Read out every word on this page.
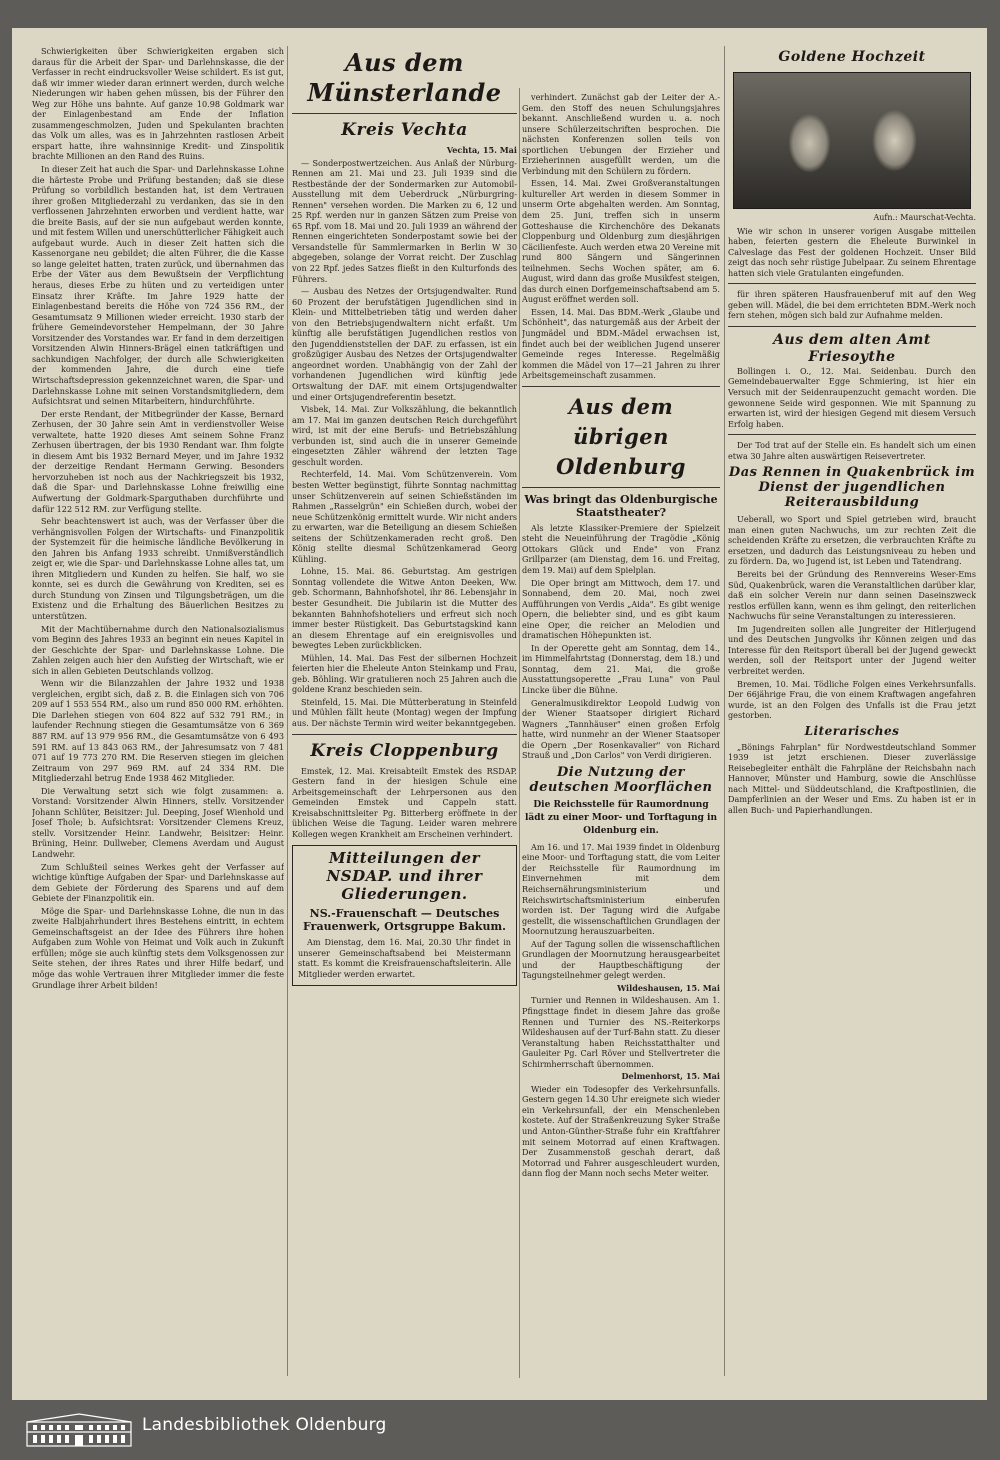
Schwierigkeiten über Schwierigkeiten ergaben sich daraus für die Arbeit der Spar- und Darlehnskasse, die der Verfasser in recht eindrucksvoller Weise schildert. Es ist gut, daß wir immer wieder daran erinnert werden, durch welche Niederungen wir haben gehen müssen, bis der Führer den Weg zur Höhe uns bahnte. Auf ganze 10.98 Goldmark war der Einlagenbestand am Ende der Inflation zusammengeschmolzen, Juden und Spekulanten brachten das Volk um alles, was es in Jahrzehnten rastlosen Arbeit erspart hatte, ihre wahnsinnige Kredit- und Zinspolitik brachte Millionen an den Rand des Ruins.

In dieser Zeit hat auch die Spar- und Darlehnskasse Lohne die härteste Probe und Prüfung bestanden; daß sie diese Prüfung so vorbildlich bestanden hat, ist dem Vertrauen ihrer großen Mitgliederzahl zu verdanken, das sie in den verflossenen Jahrzehnten erworben und verdient hatte, war die breite Basis, auf der sie nun aufgebaut werden konnte, und mit festem Willen und unerschütterlicher Fähigkeit auch aufgebaut wurde. Auch in dieser Zeit hatten sich die Kassenorgane neu gebildet; die alten Führer, die die Kasse so lange geleitet hatten, traten zurück, und übernahmen das Erbe der Väter aus dem Bewußtsein der Verpflichtung heraus, dieses Erbe zu hüten und zu verteidigen unter Einsatz ihrer Kräfte. Im Jahre 1929 hatte der Einlagenbestand bereits die Höhe von 724 356 RM., der Gesamtumsatz 9 Millionen wieder erreicht. 1930 starb der frühere Gemeindevorsteher Hempelmann, der 30 Jahre Vorsitzender des Vorstandes war. Er fand in dem derzeitigen Vorsitzenden Alwin Hinners-Brägel einen tatkräftigen und sachkundigen Nachfolger, der durch alle Schwierigkeiten der kommenden Jahre, die durch eine tiefe Wirtschaftsdepression gekennzeichnet waren, die Spar- und Darlehnskasse Lohne mit seinen Vorstandsmitgliedern, dem Aufsichtsrat und seinen Mitarbeitern, hindurchführte.

Der erste Rendant, der Mitbegründer der Kasse, Bernard Zerhusen, der 30 Jahre sein Amt in verdienstvoller Weise verwaltete, hatte 1920 dieses Amt seinem Sohne Franz Zerhusen übertragen, der bis 1930 Rendant war. Ihm folgte in diesem Amt bis 1932 Bernard Meyer, und im Jahre 1932 der derzeitige Rendant Hermann Gerwing. Besonders hervorzuheben ist noch aus der Nachkriegszeit bis 1932, daß die Spar- und Darlehnskasse Lohne freiwillig eine Aufwertung der Goldmark-Sparguthaben durchführte und dafür 122 512 RM. zur Verfügung stellte.

Sehr beachtenswert ist auch, was der Verfasser über die verhängnisvollen Folgen der Wirtschafts- und Finanzpolitik der Systemzeit für die heimische ländliche Bevölkerung in den Jahren bis Anfang 1933 schreibt. Unmißverständlich zeigt er, wie die Spar- und Darlehnskasse Lohne alles tat, um ihren Mitgliedern und Kunden zu helfen. Sie half, wo sie konnte, sei es durch die Gewährung von Krediten, sei es durch Stundung von Zinsen und Tilgungsbeträgen, um die Existenz und die Erhaltung des Bäuerlichen Besitzes zu unterstützen.

Mit der Machtübernahme durch den Nationalsozialismus vom Beginn des Jahres 1933 an beginnt ein neues Kapitel in der Geschichte der Spar- und Darlehnskasse Lohne. Die Zahlen zeigen auch hier den Aufstieg der Wirtschaft, wie er sich in allen Gebieten Deutschlands vollzog.

Wenn wir die Bilanzzahlen der Jahre 1932 und 1938 vergleichen, ergibt sich, daß z. B. die Einlagen sich von 706 209 auf 1 553 554 RM., also um rund 850 000 RM. erhöhten. Die Darlehen stiegen von 604 822 auf 532 791 RM.; in laufender Rechnung stiegen die Gesamtumsätze von 6 369 887 RM. auf 13 979 956 RM., die Gesamtumsätze von 6 493 591 RM. auf 13 843 063 RM., der Jahresumsatz von 7 481 071 auf 19 773 270 RM. Die Reserven stiegen im gleichen Zeitraum von 297 969 RM. auf 24 334 RM. Die Mitgliederzahl betrug Ende 1938 462 Mitglieder.

Die Verwaltung setzt sich wie folgt zusammen: a. Vorstand: Vorsitzender Alwin Hinners, stellv. Vorsitzender Johann Schlüter, Beisitzer: Jul. Deeping, Josef Wienhold und Josef Thole; b. Aufsichtsrat: Vorsitzender Clemens Kreuz, stellv. Vorsitzender Heinr. Landwehr, Beisitzer: Heinr. Brüning, Heinr. Dullweber, Clemens Averdam und August Landwehr.

Zum Schlußteil seines Werkes geht der Verfasser auf wichtige künftige Aufgaben der Spar- und Darlehnskasse auf dem Gebiete der Förderung des Sparens und auf dem Gebiete der Finanzpolitik ein.

Möge die Spar- und Darlehnskasse Lohne, die nun in das zweite Halbjahrhundert ihres Bestehens eintritt, in echtem Gemeinschaftsgeist an der Idee des Führers ihre hohen Aufgaben zum Wohle von Heimat und Volk auch in Zukunft erfüllen; möge sie auch künftig stets dem Volksgenossen zur Seite stehen, der ihres Rates und ihrer Hilfe bedarf, und möge das wohle Vertrauen ihrer Mitglieder immer die feste Grundlage ihrer Arbeit bilden!

Aus dem Münsterlande
Kreis Vechta
Vechta, 15. Mai

— Sonderpostwertzeichen. Aus Anlaß der Nürburg-Rennen am 21. Mai und 23. Juli 1939 sind die Restbestände der der Sondermarken zur Automobil-Ausstellung mit dem Ueberdruck „Nürburgring-Rennen" versehen worden. Die Marken zu 6, 12 und 25 Rpf. werden nur in ganzen Sätzen zum Preise von 65 Rpf. vom 18. Mai und 20. Juli 1939 an während der Rennen eingerichteten Sonderpostamt sowie bei der Versandstelle für Sammlermarken in Berlin W 30 abgegeben, solange der Vorrat reicht. Der Zuschlag von 22 Rpf. jedes Satzes fließt in den Kulturfonds des Führers.

— Ausbau des Netzes der Ortsjugendwalter. Rund 60 Prozent der berufstätigen Jugendlichen sind in Klein- und Mittelbetrieben tätig und werden daher von den Betriebsjugendwaltern nicht erfaßt. Um künftig alle berufstätigen Jugendlichen restlos von den Jugenddienststellen der DAF. zu erfassen, ist ein großzügiger Ausbau des Netzes der Ortsjugendwalter angeordnet worden. Unabhängig von der Zahl der vorhandenen Jugendlichen wird künftig jede Ortswaltung der DAF. mit einem Ortsjugendwalter und einer Ortsjugendreferentin besetzt.

Visbek, 14. Mai. Zur Volkszählung, die bekanntlich am 17. Mai im ganzen deutschen Reich durchgeführt wird, ist mit der eine Berufs- und Betriebszählung verbunden ist, sind auch die in unserer Gemeinde eingesetzten Zähler während der letzten Tage geschult worden.

Rechterfeld, 14. Mai. Vom Schützenverein. Vom besten Wetter begünstigt, führte Sonntag nachmittag unser Schützenverein auf seinen Schießständen im Rahmen „Rasselgrün" ein Schießen durch, wobei der neue Schützenkönig ermittelt wurde. Wir nicht anders zu erwarten, war die Beteiligung an diesem Schießen seitens der Schützenkameraden recht groß. Den König stellte diesmal Schützenkamerad Georg Kühling.

Lohne, 15. Mai. 86. Geburtstag. Am gestrigen Sonntag vollendete die Witwe Anton Deeken, Ww. geb. Schormann, Bahnhofshotel, ihr 86. Lebensjahr in bester Gesundheit. Die Jubilarin ist die Mutter des bekannten Bahnhofshoteliers und erfreut sich noch immer bester Rüstigkeit. Das Geburtstagskind kann an diesem Ehrentage auf ein ereignisvolles und bewegtes Leben zurückblicken.

Mühlen, 14. Mai. Das Fest der silbernen Hochzeit feierten hier die Eheleute Anton Steinkamp und Frau, geb. Böhling. Wir gratulieren noch 25 Jahren auch die goldene Kranz beschieden sein.

Steinfeld, 15. Mai. Die Mütterberatung in Steinfeld und Mühlen fällt heute (Montag) wegen der Impfung aus. Der nächste Termin wird weiter bekanntgegeben.

Kreis Cloppenburg

Emstek, 12. Mai. Kreisabteilt Emstek des RSDAP. Gestern fand in der hiesigen Schule eine Arbeitsgemeinschaft der Lehrpersonen aus den Gemeinden Emstek und Cappeln statt. Kreisabschnittsleiter Pg. Bitterberg eröffnete in der üblichen Weise die Tagung. Leider waren mehrere Kollegen wegen Krankheit am Erscheinen verhindert.

Mitteilungen der NSDAP. und ihrer Gliederungen.
NS.-Frauenschaft — Deutsches Frauenwerk, Ortsgruppe Bakum.

Am Dienstag, dem 16. Mai, 20.30 Uhr findet in unserer Gemeinschaftsabend bei Meistermann statt. Es kommt die Kreisfrauenschaftsleiterin. Alle Mitglieder werden erwartet.

verhindert. Zunächst gab der Leiter der A.-Gem. den Stoff des neuen Schulungsjahres bekannt. Anschließend wurden u. a. noch unsere Schülerzeitschriften besprochen. Die nächsten Konferenzen sollen teils von sportlichen Uebungen der Erzieher und Erzieherinnen ausgefüllt werden, um die Verbindung mit den Schülern zu fördern.

Essen, 14. Mai. Zwei Großveranstaltungen kultureller Art werden in diesem Sommer in unserm Orte abgehalten werden. Am Sonntag, dem 25. Juni, treffen sich in unserm Gotteshause die Kirchenchöre des Dekanats Cloppenburg und Oldenburg zum diesjährigen Cäcilienfeste. Auch werden etwa 20 Vereine mit rund 800 Sängern und Sängerinnen teilnehmen. Sechs Wochen später, am 6. August, wird dann das große Musikfest steigen, das durch einen Dorfgemeinschaftsabend am 5. August eröffnet werden soll.

Essen, 14. Mai. Das BDM.-Werk „Glaube und Schönheit", das naturgemäß aus der Arbeit der Jungmädel und BDM.-Mädel erwachsen ist, findet auch bei der weiblichen Jugend unserer Gemeinde reges Interesse. Regelmäßig kommen die Mädel von 17—21 Jahren zu ihrer Arbeitsgemeinschaft zusammen.

Aus dem übrigen Oldenburg
Was bringt das Oldenburgische Staatstheater?

Als letzte Klassiker-Premiere der Spielzeit steht die Neueinführung der Tragödie „König Ottokars Glück und Ende" von Franz Grillparzer (am Dienstag, dem 16. und Freitag, dem 19. Mai) auf dem Spielplan.

Die Oper bringt am Mittwoch, dem 17. und Sonnabend, dem 20. Mai, noch zwei Aufführungen von Verdis „Aida". Es gibt wenige Opern, die beliebter sind, und es gibt kaum eine Oper, die reicher an Melodien und dramatischen Höhepunkten ist.

In der Operette geht am Sonntag, dem 14., im Himmelfahrtstag (Donnerstag, dem 18.) und Sonntag, dem 21. Mai, die große Ausstattungsoperette „Frau Luna" von Paul Lincke über die Bühne.

Generalmusikdirektor Leopold Ludwig von der Wiener Staatsoper dirigiert Richard Wagners „Tannhäuser" einen großen Erfolg hatte, wird nunmehr an der Wiener Staatsoper die Opern „Der Rosenkavalier" von Richard Strauß und „Don Carlos" von Verdi dirigieren.

Die Nutzung der deutschen Moorflächen
Die Reichsstelle für Raumordnung lädt zu einer Moor- und Torftagung in Oldenburg ein.

Am 16. und 17. Mai 1939 findet in Oldenburg eine Moor- und Torftagung statt, die vom Leiter der Reichsstelle für Raumordnung im Einvernehmen mit dem Reichsernährungsministerium und Reichswirtschaftsministerium einberufen worden ist. Der Tagung wird die Aufgabe gestellt, die wissenschaftlichen Grundlagen der Moornutzung herauszuarbeiten.

Auf der Tagung sollen die wissenschaftlichen Grundlagen der Moornutzung herausgearbeitet und der Hauptbeschäftigung der Tagungsteilnehmer gelegt werden.

Wildeshausen, 15. Mai

Turnier und Rennen in Wildeshausen. Am 1. Pfingsttage findet in diesem Jahre das große Rennen und Turnier des NS.-Reiterkorps Wildeshausen auf der Turf-Bahn statt. Zu dieser Veranstaltung haben Reichsstatthalter und Gauleiter Pg. Carl Röver und Stellvertreter die Schirmherrschaft übernommen.

Delmenhorst, 15. Mai

Wieder ein Todesopfer des Verkehrsunfalls. Gestern gegen 14.30 Uhr ereignete sich wieder ein Verkehrsunfall, der ein Menschenleben kostete. Auf der Straßenkreuzung Syker Straße und Anton-Günther-Straße fuhr ein Kraftfahrer mit seinem Motorrad auf einen Kraftwagen. Der Zusammenstoß geschah derart, daß Motorrad und Fahrer ausgeschleudert wurden, dann flog der Mann noch sechs Meter weiter.

Goldene Hochzeit
Aufn.: Maurschat-Vechta.

Wie wir schon in unserer vorigen Ausgabe mitteilen haben, feierten gestern die Eheleute Burwinkel in Calveslage das Fest der goldenen Hochzeit. Unser Bild zeigt das noch sehr rüstige Jubelpaar. Zu seinem Ehrentage hatten sich viele Gratulanten eingefunden.

für ihren späteren Hausfrauenberuf mit auf den Weg geben will. Mädel, die bei dem errichteten BDM.-Werk noch fern stehen, mögen sich bald zur Aufnahme melden.

Aus dem alten Amt Friesoythe

Bollingen i. O., 12. Mai. Seidenbau. Durch den Gemeindebauerwalter Egge Schmiering, ist hier ein Versuch mit der Seidenraupenzucht gemacht worden. Die gewonnene Seide wird gesponnen. Wie mit Spannung zu erwarten ist, wird der hiesigen Gegend mit diesem Versuch Erfolg haben.

Der Tod trat auf der Stelle ein. Es handelt sich um einen etwa 30 Jahre alten auswärtigen Reisevertreter.

Das Rennen in Quakenbrück im Dienst der jugendlichen Reiterausbildung

Ueberall, wo Sport und Spiel getrieben wird, braucht man einen guten Nachwuchs, um zur rechten Zeit die scheidenden Kräfte zu ersetzen, die verbrauchten Kräfte zu ersetzen, und dadurch das Leistungsniveau zu heben und zu fördern. Da, wo Jugend ist, ist Leben und Tatendrang.

Bereits bei der Gründung des Rennvereins Weser-Ems Süd, Quakenbrück, waren die Veranstaltlichen darüber klar, daß ein solcher Verein nur dann seinen Daseinszweck restlos erfüllen kann, wenn es ihm gelingt, den reiterlichen Nachwuchs für seine Veranstaltungen zu interessieren.

Im Jugendreiten sollen alle Jungreiter der Hitlerjugend und des Deutschen Jungvolks ihr Können zeigen und das Interesse für den Reitsport überall bei der Jugend geweckt werden, soll der Reitsport unter der Jugend weiter verbreitet werden.

Bremen, 10. Mai. Tödliche Folgen eines Verkehrsunfalls. Der 66jährige Frau, die von einem Kraftwagen angefahren wurde, ist an den Folgen des Unfalls ist die Frau jetzt gestorben.

Literarisches

„Bönings Fahrplan" für Nordwestdeutschland Sommer 1939 ist jetzt erschienen. Dieser zuverlässige Reisebegleiter enthält die Fahrpläne der Reichsbahn nach Hannover, Münster und Hamburg, sowie die Anschlüsse nach Mittel- und Süddeutschland, die Kraftpostlinien, die Dampferlinien an der Weser und Ems. Zu haben ist er in allen Buch- und Papierhandlungen.

Landesbibliothek Oldenburg
